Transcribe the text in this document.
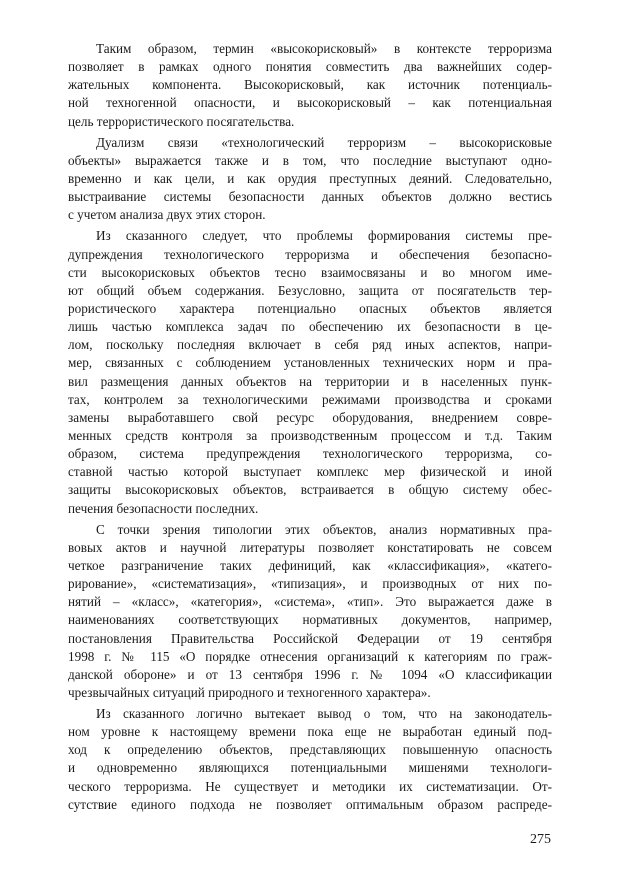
Таким образом, термин «высокорисковый» в контексте терроризма
позволяет в рамках одного понятия совместить два важнейших содер-
жательных компонента. Высокорисковый, как источник потенциаль-
ной техногенной опасности, и высокорисковый – как потенциальная
цель террористического посягательства.
Дуализм связи «технологический терроризм – высокорисковые
объекты» выражается также и в том, что последние выступают одно-
временно и как цели, и как орудия преступных деяний. Следовательно,
выстраивание системы безопасности данных объектов должно вестись
с учетом анализа двух этих сторон.
Из сказанного следует, что проблемы формирования системы пре-
дупреждения технологического терроризма и обеспечения безопасно-
сти высокорисковых объектов тесно взаимосвязаны и во многом име-
ют общий объем содержания. Безусловно, защита от посягательств тер-
рористического характера потенциально опасных объектов является
лишь частью комплекса задач по обеспечению их безопасности в це-
лом, поскольку последняя включает в себя ряд иных аспектов, напри-
мер, связанных с соблюдением установленных технических норм и пра-
вил размещения данных объектов на территории и в населенных пунк-
тах, контролем за технологическими режимами производства и сроками
замены выработавшего свой ресурс оборудования, внедрением совре-
менных средств контроля за производственным процессом и т.д. Таким
образом, система предупреждения технологического терроризма, со-
ставной частью которой выступает комплекс мер физической и иной
защиты высокорисковых объектов, встраивается в общую систему обес-
печения безопасности последних.
С точки зрения типологии этих объектов, анализ нормативных пра-
вовых актов и научной литературы позволяет констатировать не совсем
четкое разграничение таких дефиниций, как «классификация», «катего-
рирование», «систематизация», «типизация», и производных от них по-
нятий – «класс», «категория», «система», «тип». Это выражается даже в
наименованиях соответствующих нормативных документов, например,
постановления Правительства Российской Федерации от 19 сентября
1998 г. № 115 «О порядке отнесения организаций к категориям по граж-
данской обороне» и от 13 сентября 1996 г. № 1094 «О классификации
чрезвычайных ситуаций природного и техногенного характера».
Из сказанного логично вытекает вывод о том, что на законодатель-
ном уровне к настоящему времени пока еще не выработан единый под-
ход к определению объектов, представляющих повышенную опасность
и одновременно являющихся потенциальными мишенями технологи-
ческого терроризма. Не существует и методики их систематизации. От-
сутствие единого подхода не позволяет оптимальным образом распреде-
275
